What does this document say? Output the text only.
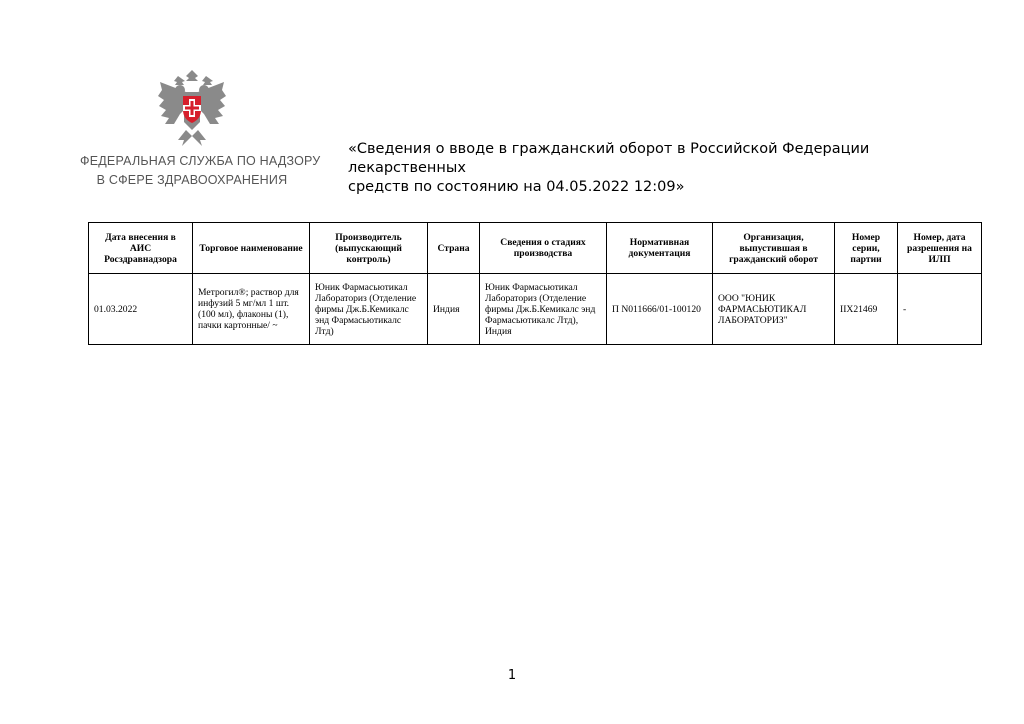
ФЕДЕРАЛЬНАЯ СЛУЖБА ПО НАДЗОРУ
В СФЕРЕ ЗДРАВООХРАНЕНИЯ
«Сведения о вводе в гражданский оборот в Российской Федерации лекарственных
средств по состоянию на 04.05.2022 12:09»
Дата внесения в АИС Росздравнадзора	Торговое наименование	Производитель (выпускающий контроль)	Страна	Сведения о стадиях производства	Нормативная документация	Организация, выпустившая в гражданский оборот	Номер серии, партии	Номер, дата разрешения на ИЛП
01.03.2022	Метрогил®; раствор для инфузий 5 мг/мл 1 шт. (100 мл), флаконы (1), пачки картонные/ ~	Юник Фармасьютикал Лабораториз (Отделение фирмы Дж.Б.Кемикалс энд Фармасьютикалс Лтд)	Индия	Юник Фармасьютикал Лабораториз (Отделение фирмы Дж.Б.Кемикалс энд Фармасьютикалс Лтд), Индия	П N011666/01-100120	ООО "ЮНИК ФАРМАСЬЮТИКАЛ ЛАБОРАТОРИЗ"	IIX21469	-
1
